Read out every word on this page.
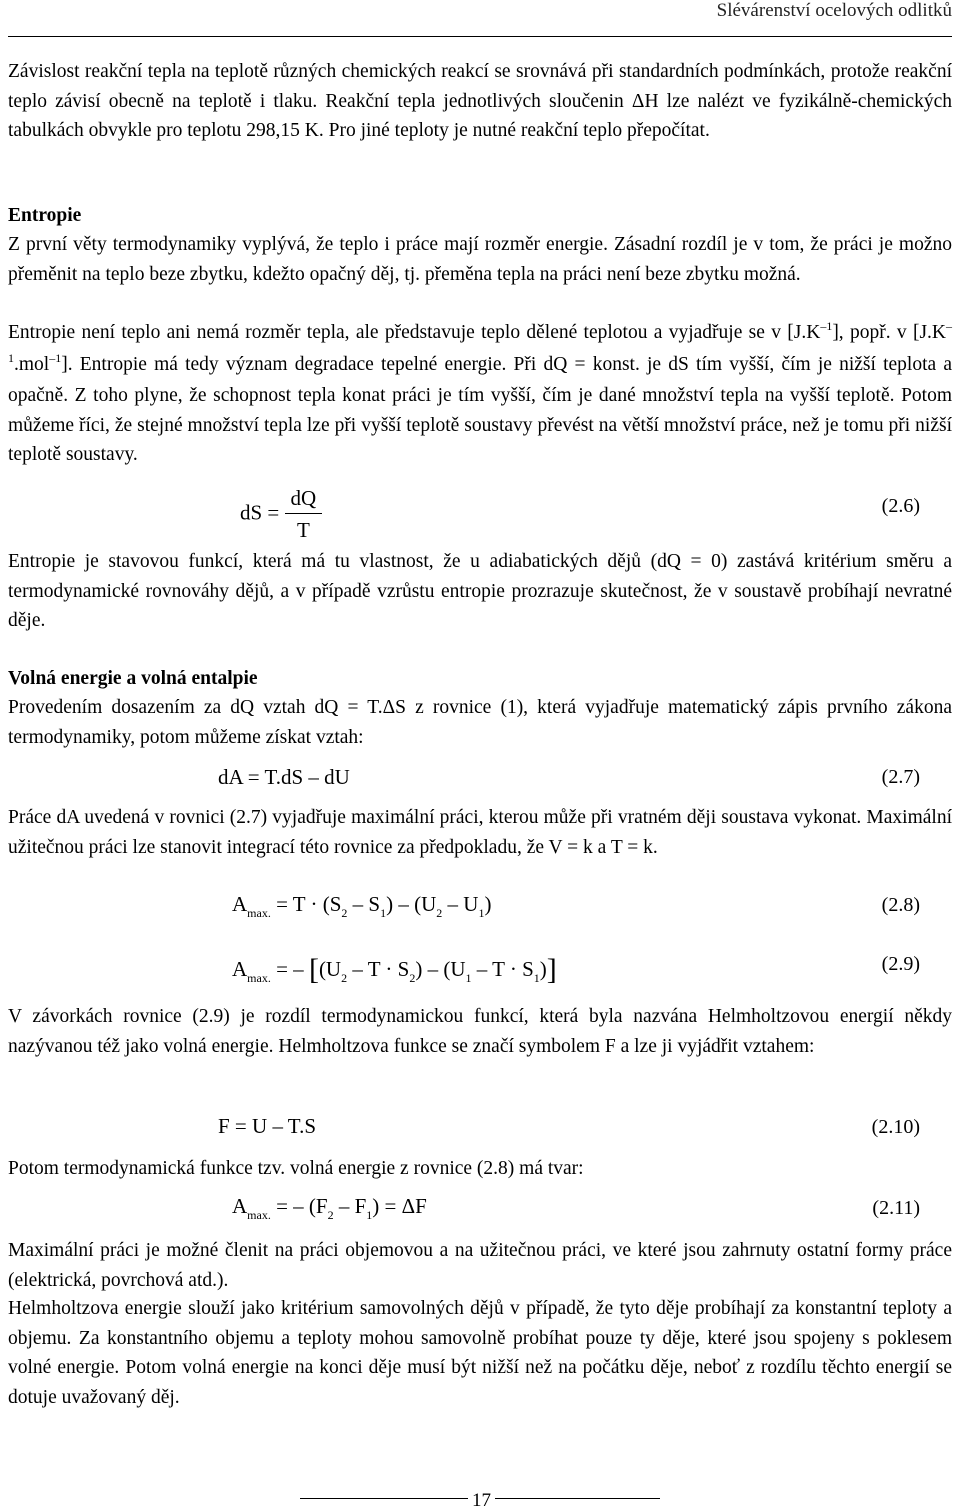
Slévárenství ocelových odlitků

Závislost reakční tepla na teplotě různých chemických reakcí se srovnává při standardních podmínkách, protože reakční teplo závisí obecně na teplotě i tlaku. Reakční tepla jednotlivých sloučenin ΔH lze nalézt ve fyzikálně-chemických tabulkách obvykle pro teplotu 298,15 K. Pro jiné teploty je nutné reakční teplo přepočítat.

Entropie

Z první věty termodynamiky vyplývá, že teplo i práce mají rozměr energie. Zásadní rozdíl je v tom, že práci je možno přeměnit na teplo beze zbytku, kdežto opačný děj, tj. přeměna tepla na práci není beze zbytku možná.

Entropie není teplo ani nemá rozměr tepla, ale představuje teplo dělené teplotou a vyjadřuje se v $[J.K^{-1}]$, popř. v $[J.K^{-1}.mol^{-1}]$. Entropie má tedy význam degradace tepelné energie. Při dQ = konst. je dS tím vyšší, čím je nižší teplota a opačně. Z toho plyne, že schopnost tepla konat práci je tím vyšší, čím je dané množství tepla na vyšší teplotě. Potom můžeme říci, že stejné množství tepla lze při vyšší teplotě soustavy převést na větší množství práce, než je tomu při nižší teplotě soustavy.

dS = $\frac{dQ}{T}$	(2.6)

Entropie je stavovou funkcí, která má tu vlastnost, že u adiabatických dějů (dQ = 0) zastává kritérium směru a termodynamické rovnováhy dějů, a v případě vzrůstu entropie prozrazuje skutečnost, že v soustavě probíhají nevratné děje.

Volná energie a volná entalpie

Provedením dosazením za dQ vztah dQ = T.ΔS z rovnice (1), která vyjadřuje matematický zápis prvního zákona termodynamiky, potom můžeme získat vztah:

dA = T.dS – dU	(2.7)

Práce dA uvedená v rovnici (2.7) vyjadřuje maximální práci, kterou může při vratném ději soustava vykonat. Maximální užitečnou práci lze stanovit integrací této rovnice za předpokladu, že V = k a T = k.

$A_{max.} = T \cdot (S_2 - S_1) - (U_2 - U_1)$	(2.8)
$A_{max.}$ = – $[(U_2 - T \cdot S_2) - (U_1 - T \cdot S_1)]$	(2.9)

V závorkách rovnice (2.9) je rozdíl termodynamickou funkcí, která byla nazvána Helmholtzovou energií někdy nazývanou též jako volná energie. Helmholtzova funkce se značí symbolem F a lze ji vyjádřit vztahem:

F = U – T.S	(2.10)

Potom termodynamická funkce tzv. volná energie z rovnice (2.8) má tvar:

$A_{max.}$ = – $(F_2 - F_1) = \Delta F$	(2.11)

Maximální práci je možné členit na práci objemovou a na užitečnou práci, ve které jsou zahrnuty ostatní formy práce (elektrická, povrchová atd.).

Helmholtzova energie slouží jako kritérium samovolných dějů v případě, že tyto děje probíhají za konstantní teploty a objemu. Za konstantního objemu a teploty mohou samovolně probíhat pouze ty děje, které jsou spojeny s poklesem volné energie. Potom volná energie na konci děje musí být nižší než na počátku děje, neboť z rozdílu těchto energií se dotuje uvažovaný děj.

17
